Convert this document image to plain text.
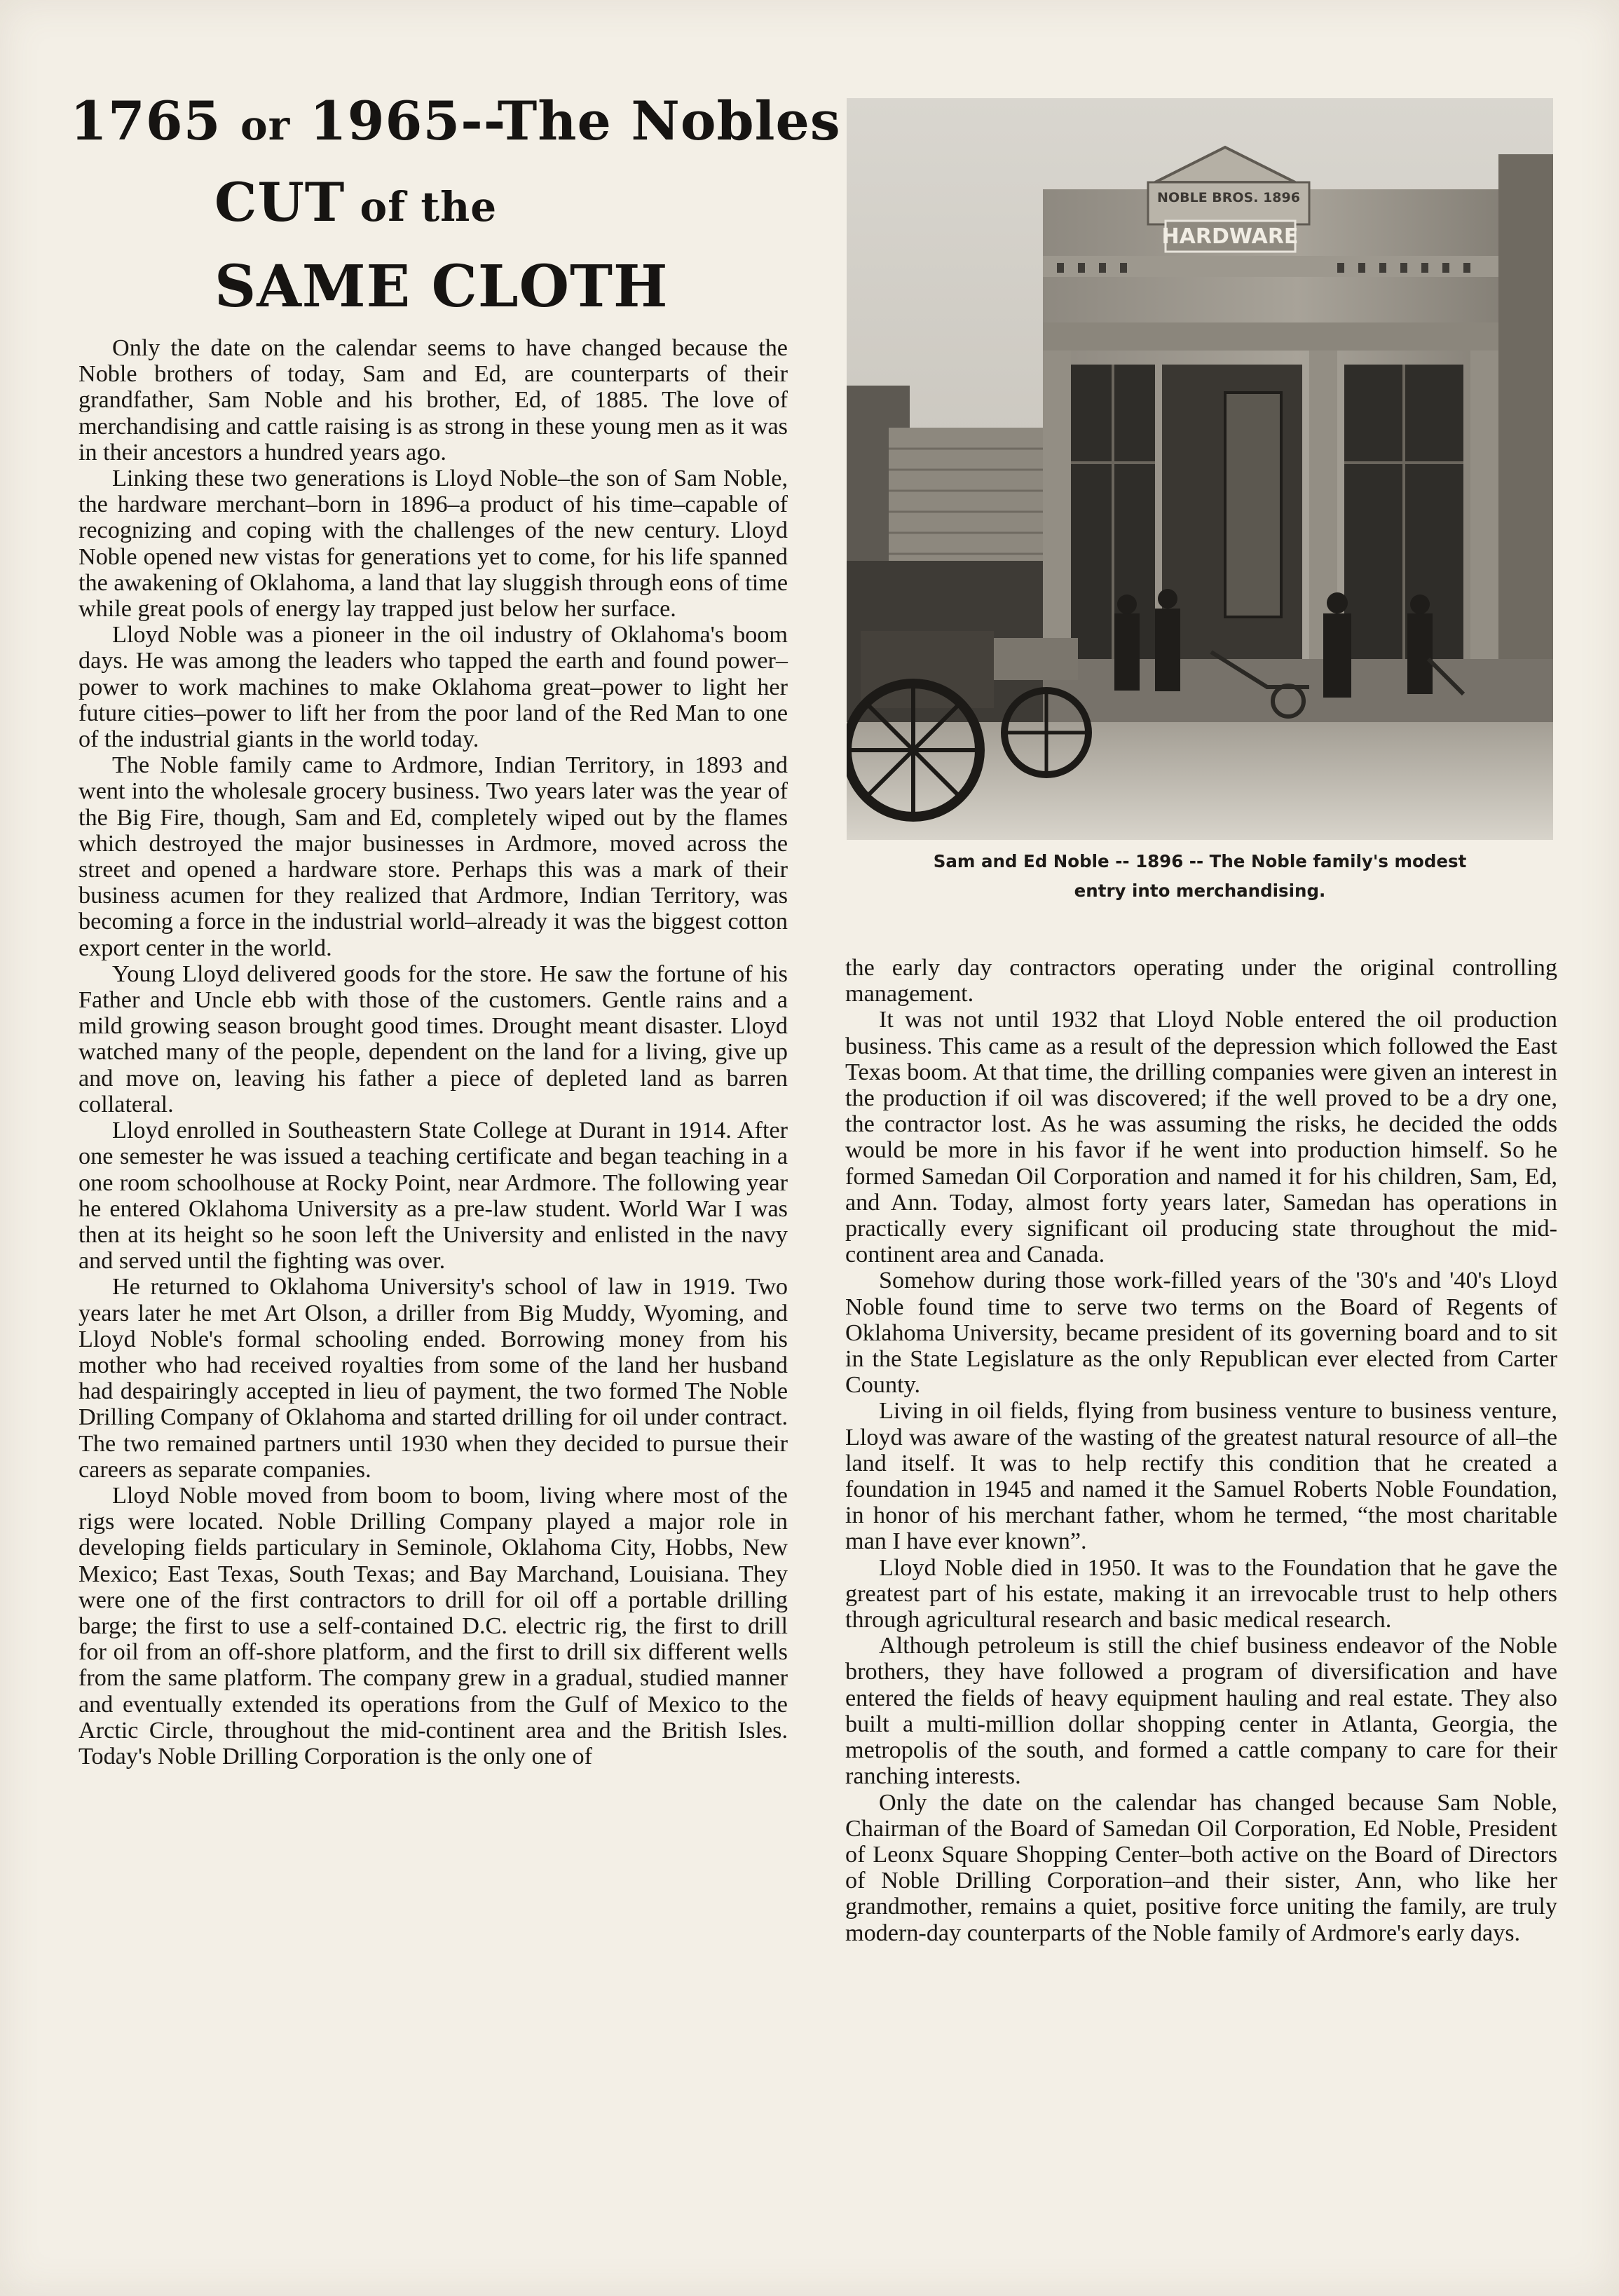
1765 or 1965--The Nobles
CUT of the
SAME CLOTH

Only the date on the calendar seems to have changed because the Noble brothers of today, Sam and Ed, are counterparts of their grandfather, Sam Noble and his brother, Ed, of 1885. The love of merchandising and cattle raising is as strong in these young men as it was in their ancestors a hundred years ago.

Linking these two generations is Lloyd Noble–the son of Sam Noble, the hardware merchant–born in 1896–a product of his time–capable of recognizing and coping with the challenges of the new century. Lloyd Noble opened new vistas for generations yet to come, for his life spanned the awakening of Oklahoma, a land that lay sluggish through eons of time while great pools of energy lay trapped just below her surface.

Lloyd Noble was a pioneer in the oil industry of Oklahoma's boom days. He was among the leaders who tapped the earth and found power–power to work machines to make Oklahoma great–power to light her future cities–power to lift her from the poor land of the Red Man to one of the industrial giants in the world today.

The Noble family came to Ardmore, Indian Territory, in 1893 and went into the wholesale grocery business. Two years later was the year of the Big Fire, though, Sam and Ed, completely wiped out by the flames which destroyed the major businesses in Ardmore, moved across the street and opened a hardware store. Perhaps this was a mark of their business acumen for they realized that Ardmore, Indian Territory, was becoming a force in the industrial world–already it was the biggest cotton export center in the world.

Young Lloyd delivered goods for the store. He saw the fortune of his Father and Uncle ebb with those of the customers. Gentle rains and a mild growing season brought good times. Drought meant disaster. Lloyd watched many of the people, dependent on the land for a living, give up and move on, leaving his father a piece of depleted land as barren collateral.

Lloyd enrolled in Southeastern State College at Durant in 1914. After one semester he was issued a teaching certificate and began teaching in a one room schoolhouse at Rocky Point, near Ardmore. The following year he entered Oklahoma University as a pre-law student. World War I was then at its height so he soon left the University and enlisted in the navy and served until the fighting was over.

He returned to Oklahoma University's school of law in 1919. Two years later he met Art Olson, a driller from Big Muddy, Wyoming, and Lloyd Noble's formal schooling ended. Borrowing money from his mother who had received royalties from some of the land her husband had despairingly accepted in lieu of payment, the two formed The Noble Drilling Company of Oklahoma and started drilling for oil under contract. The two remained partners until 1930 when they decided to pursue their careers as separate companies.

Lloyd Noble moved from boom to boom, living where most of the rigs were located. Noble Drilling Company played a major role in developing fields particulary in Seminole, Oklahoma City, Hobbs, New Mexico; East Texas, South Texas; and Bay Marchand, Louisiana. They were one of the first contractors to drill for oil off a portable drilling barge; the first to use a self-contained D.C. electric rig, the first to drill for oil from an off-shore platform, and the first to drill six different wells from the same platform. The company grew in a gradual, studied manner and eventually extended its operations from the Gulf of Mexico to the Arctic Circle, throughout the mid-continent area and the British Isles. Today's Noble Drilling Corporation is the only one of

HARDWARE
NOBLE BROS. 1896
Sam and Ed Noble -- 1896 -- The Noble family's modest
entry into merchandising.

the early day contractors operating under the original controlling management.

It was not until 1932 that Lloyd Noble entered the oil production business. This came as a result of the depression which followed the East Texas boom. At that time, the drilling companies were given an interest in the production if oil was discovered; if the well proved to be a dry one, the contractor lost. As he was assuming the risks, he decided the odds would be more in his favor if he went into production himself. So he formed Samedan Oil Corporation and named it for his children, Sam, Ed, and Ann. Today, almost forty years later, Samedan has operations in practically every significant oil producing state throughout the mid-continent area and Canada.

Somehow during those work-filled years of the '30's and '40's Lloyd Noble found time to serve two terms on the Board of Regents of Oklahoma University, became president of its governing board and to sit in the State Legislature as the only Republican ever elected from Carter County.

Living in oil fields, flying from business venture to business venture, Lloyd was aware of the wasting of the greatest natural resource of all–the land itself. It was to help rectify this condition that he created a foundation in 1945 and named it the Samuel Roberts Noble Foundation, in honor of his merchant father, whom he termed, “the most charitable man I have ever known”.

Lloyd Noble died in 1950. It was to the Foundation that he gave the greatest part of his estate, making it an irrevocable trust to help others through agricultural research and basic medical research.

Although petroleum is still the chief business endeavor of the Noble brothers, they have followed a program of diversification and have entered the fields of heavy equipment hauling and real estate. They also built a multi-million dollar shopping center in Atlanta, Georgia, the metropolis of the south, and formed a cattle company to care for their ranching interests.

Only the date on the calendar has changed because Sam Noble, Chairman of the Board of Samedan Oil Corporation, Ed Noble, President of Leonx Square Shopping Center–both active on the Board of Directors of Noble Drilling Corporation–and their sister, Ann, who like her grandmother, remains a quiet, positive force uniting the family, are truly modern-day counterparts of the Noble family of Ardmore's early days.
